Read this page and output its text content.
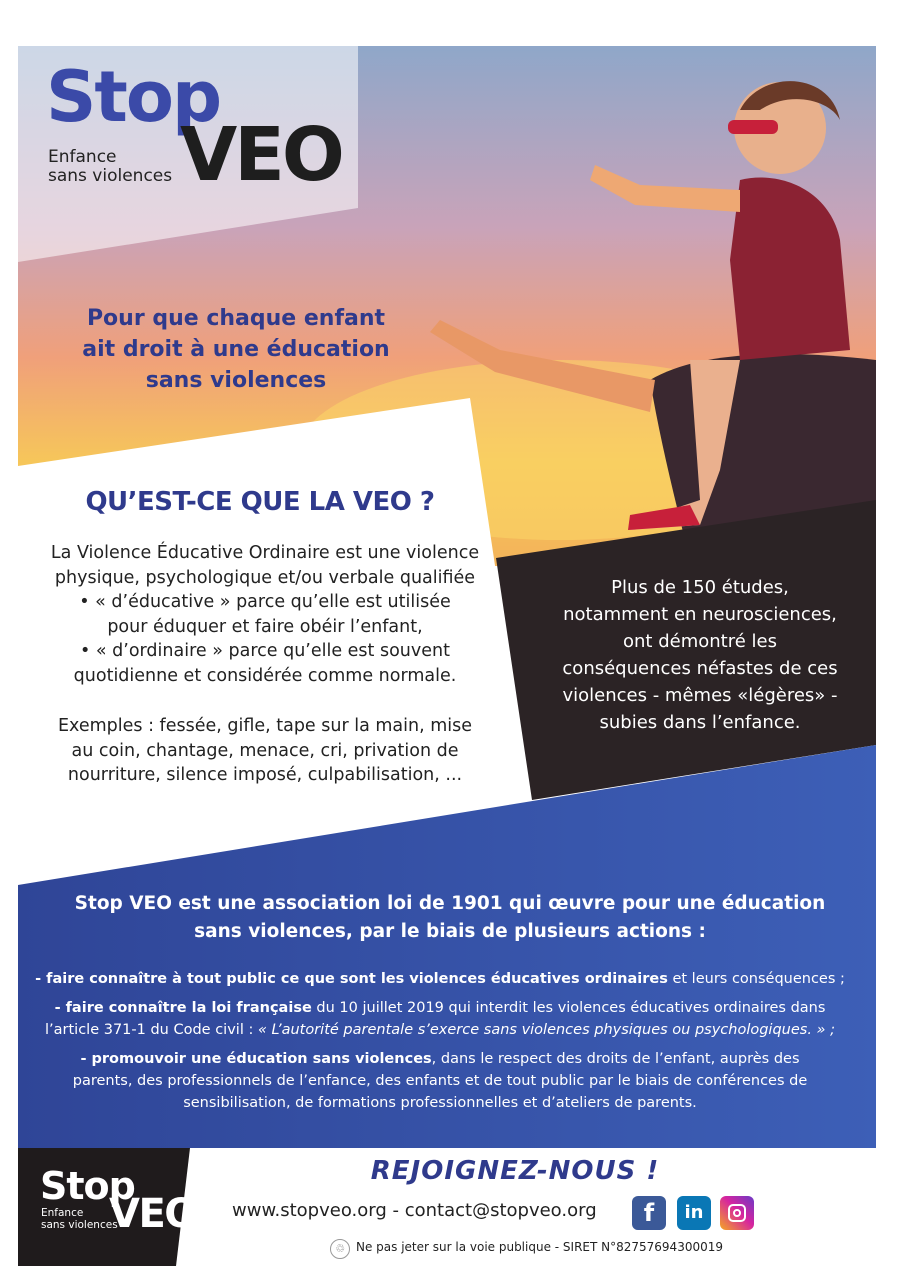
Stop
VEO
Enfance
sans violences
Pour que chaque enfant
ait droit à une éducation
sans violences
QU’EST-CE QUE LA VEO ?
La Violence Éducative Ordinaire est une violence
physique, psychologique et/ou verbale qualifiée
• « d’éducative » parce qu’elle est utilisée
pour éduquer et faire obéir l’enfant,
• « d’ordinaire » parce qu’elle est souvent
quotidienne et considérée comme normale.
Exemples : fessée, gifle, tape sur la main, mise
au coin, chantage, menace, cri, privation de
nourriture, silence imposé, culpabilisation, ...
Plus de 150 études,
notamment en neurosciences,
ont démontré les
conséquences néfastes de ces
violences - mêmes «légères» -
subies dans l’enfance.
Stop VEO est une association loi de 1901 qui œuvre pour une éducation
sans violences, par le biais de plusieurs actions :
- faire connaître à tout public ce que sont les violences éducatives ordinaires et leurs conséquences ;
- faire connaître la loi française du 10 juillet 2019 qui interdit les violences éducatives ordinaires dans
l’article 371-1 du Code civil : « L’autorité parentale s’exerce sans violences physiques ou psychologiques. » ;
- promouvoir une éducation sans violences, dans le respect des droits de l’enfant, auprès des
parents, des professionnels de l’enfance, des enfants et de tout public par le biais de conférences de
sensibilisation, de formations professionnelles et d’ateliers de parents.
Stop
VEO
Enfance
sans violences
REJOIGNEZ-NOUS !
www.stopveo.org - contact@stopveo.org	f	in
♲ Ne pas jeter sur la voie publique - SIRET N°82757694300019
